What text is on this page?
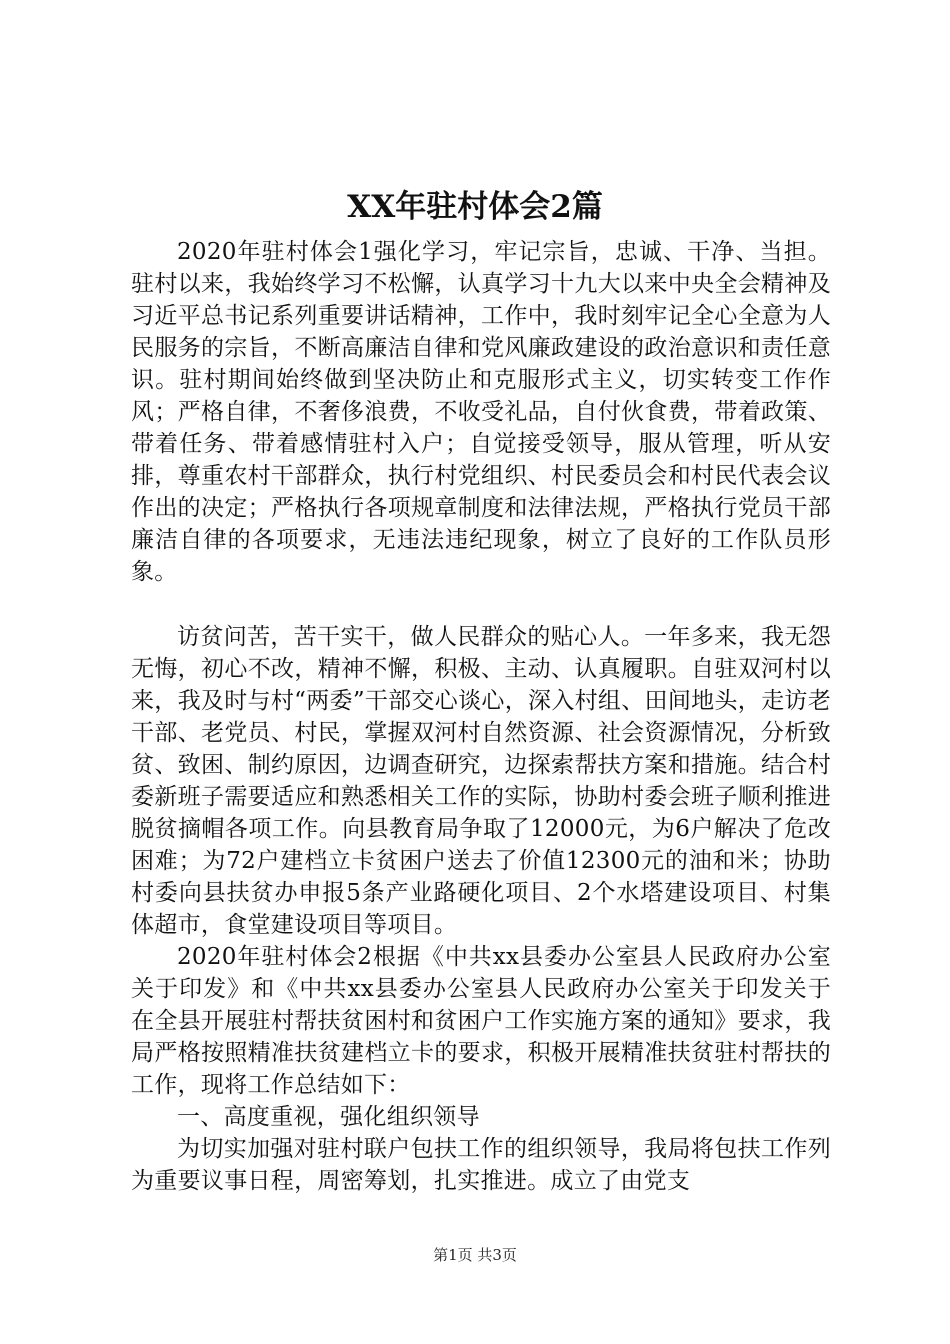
XX年驻村体会2篇

2020年驻村体会1强化学习，牢记宗旨，忠诚、干净、当担。驻村以来，我始终学习不松懈，认真学习十九大以来中央全会精神及习近平总书记系列重要讲话精神，工作中，我时刻牢记全心全意为人民服务的宗旨，不断高廉洁自律和党风廉政建设的政治意识和责任意识。驻村期间始终做到坚决防止和克服形式主义，切实转变工作作风；严格自律，不奢侈浪费，不收受礼品，自付伙食费，带着政策、带着任务、带着感情驻村入户；自觉接受领导，服从管理，听从安排，尊重农村干部群众，执行村党组织、村民委员会和村民代表会议作出的决定；严格执行各项规章制度和法律法规，严格执行党员干部廉洁自律的各项要求，无违法违纪现象，树立了良好的工作队员形象。

访贫问苦，苦干实干，做人民群众的贴心人。一年多来，我无怨无悔，初心不改，精神不懈，积极、主动、认真履职。自驻双河村以来，我及时与村“两委”干部交心谈心，深入村组、田间地头，走访老干部、老党员、村民，掌握双河村自然资源、社会资源情况，分析致贫、致困、制约原因，边调查研究，边探索帮扶方案和措施。结合村委新班子需要适应和熟悉相关工作的实际，协助村委会班子顺利推进脱贫摘帽各项工作。向县教育局争取了12000元，为6户解决了危改困难；为72户建档立卡贫困户送去了价值12300元的油和米；协助村委向县扶贫办申报5条产业路硬化项目、2个水塔建设项目、村集体超市，食堂建设项目等项目。

2020年驻村体会2根据《中共xx县委办公室县人民政府办公室关于印发》和《中共xx县委办公室县人民政府办公室关于印发关于在全县开展驻村帮扶贫困村和贫困户工作实施方案的通知》要求，我局严格按照精准扶贫建档立卡的要求，积极开展精准扶贫驻村帮扶的工作，现将工作总结如下：

一、高度重视，强化组织领导

为切实加强对驻村联户包扶工作的组织领导，我局将包扶工作列为重要议事日程，周密筹划，扎实推进。成立了由党支

第1页 共3页
